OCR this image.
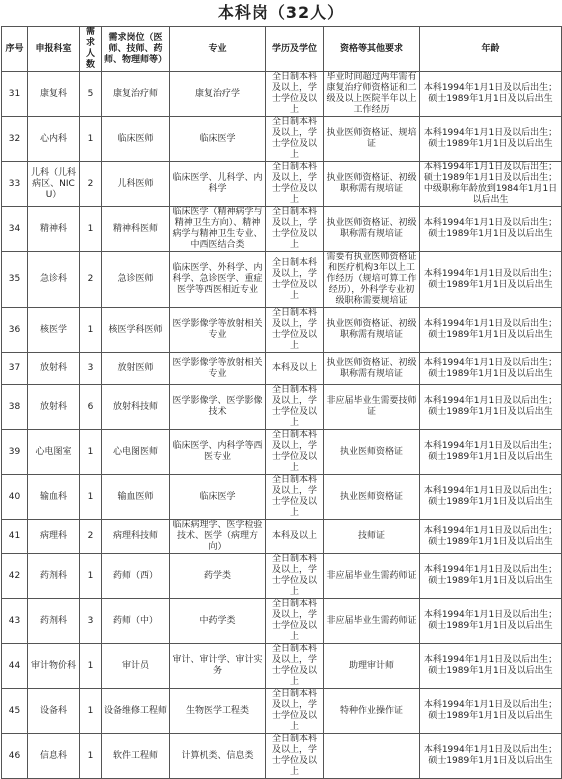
本科岗（32人）
序号	申报科室	需求人数	需求岗位（医师、技师、药师、物理师等）	专业	学历及学位	资格等其他要求	年龄
31	康复科	5	康复治疗师	康复治疗学	全日制本科及以上，学士学位及以上	毕业时间超过两年需有康复治疗师资格证和二级及以上医院半年以上工作经历	本科1994年1月1日及以后出生；硕士1989年1月1日及以后出生
32	心内科	1	临床医师	临床医学	全日制本科及以上，学士学位及以上	执业医师资格证、规培证	本科1994年1月1日及以后出生；硕士1989年1月1日及以后出生
33	儿科（儿科病区、NICU）	2	儿科医师	临床医学、儿科学、内科学	全日制本科及以上，学士学位及以上	执业医师资格证、初级职称需有规培证	本科1994年1月1日及以后出生；硕士1989年1月1日及以后出生；中级职称年龄放到1984年1月1日以后出生
34	精神科	1	精神科医师	临床医学（精神病学与精神卫生方向）、精神病学与精神卫生专业、中西医结合类	全日制本科及以上，学士学位及以上	执业医师资格证、初级职称需有规培证	本科1994年1月1日及以后出生；硕士1989年1月1日及以后出生
35	急诊科	2	急诊医师	临床医学、外科学、内科学、急诊医学、重症医学等西医相近专业	全日制本科及以上，学士学位及以上	需要有执业医师资格证和医疗机构3年以上工作经历（规培可算工作经历），外科学专业初级职称需要规培证	本科1994年1月1日及以后出生；硕士1989年1月1日及以后出生
36	核医学	1	核医学科医师	医学影像学等放射相关专业	全日制本科及以上，学士学位及以上	执业医师资格证、初级职称需有规培证	本科1994年1月1日及以后出生；硕士1989年1月1日及以后出生
37	放射科	3	放射医师	医学影像学等放射相关专业	本科及以上	执业医师资格证、初级职称需有规培证	本科1994年1月1日及以后出生；硕士1989年1月1日及以后出生
38	放射科	6	放射科技师	医学影像学、医学影像技术	全日制本科及以上，学士学位及以上	非应届毕业生需要技师证	本科1994年1月1日及以后出生；硕士1989年1月1日及以后出生
39	心电图室	1	心电图医师	临床医学、内科学等西医专业	全日制本科及以上，学士学位及以上	执业医师资格证	本科1994年1月1日及以后出生；硕士1989年1月1日及以后出生
40	输血科	1	输血医师	临床医学	全日制本科及以上，学士学位及以上	执业医师资格证	本科1994年1月1日及以后出生；硕士1989年1月1日及以后出生
41	病理科	2	病理科技师	临床病理学、医学检验技术、医学（病理方向）	本科及以上	技师证	本科1994年1月1日及以后出生；硕士1989年1月1日及以后出生
42	药剂科	1	药师（西）	药学类	全日制本科及以上，学士学位及以上	非应届毕业生需药师证	本科1994年1月1日及以后出生；硕士1989年1月1日及以后出生
43	药剂科	3	药师（中）	中药学类	全日制本科及以上，学士学位及以上	非应届毕业生需药师证	本科1994年1月1日及以后出生；硕士1989年1月1日及以后出生
44	审计物价科	1	审计员	审计、审计学、审计实务	全日制本科及以上，学士学位及以上	助理审计师	本科1994年1月1日及以后出生；硕士1989年1月1日及以后出生
45	设备科	1	设备维修工程师	生物医学工程类	全日制本科及以上，学士学位及以上	特种作业操作证	本科1994年1月1日及以后出生；硕士1989年1月1日及以后出生
46	信息科	1	软件工程师	计算机类、信息类	全日制本科及以上，学士学位及以上		本科1994年1月1日及以后出生；硕士1989年1月1日及以后出生
